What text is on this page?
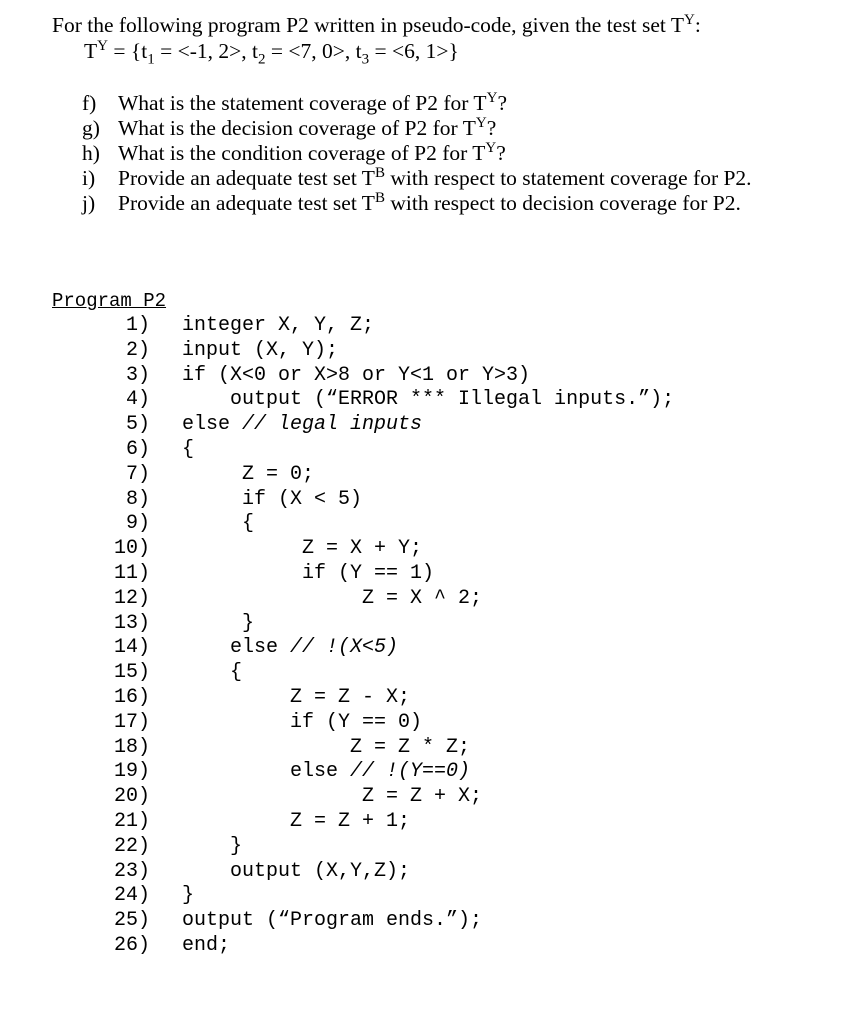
For the following program P2 written in pseudo-code, given the test set $T^Y$:
$T^Y = \{t_1 = <-1$, 2>, $t_2 = <7$, 0>, $t_3 = <6$, 1>}
f)	What is the statement coverage of P2 for $T^Y$?
g) What is the decision coverage of P2 for $T^Y$?
h) What is the condition coverage of P2 for $T^Y$?
i)	Provide an adequate test set $T^B$ with respect to statement coverage for P2.
j)	Provide an adequate test set $T^B$ with respect to decision coverage for P2.
Program P2
1) integer X, Y, Z;
2) input (X, Y);
3) if (X<0 or X>8 or Y<1 or Y>3)
4) output (“ERROR *** Illegal inputs.”);
5) else // legal inputs
6) {
7) Z = 0;
8) if (X < 5)
9) {
10) Z = X + Y;
11) if (Y == 1)
12) Z = X ^ 2;
13) }
14) else // !(X<5)
15) {
16) Z = Z - X;
17) if (Y == 0)
18) Z = Z * Z;
19) else // !(Y==0)
20) Z = Z + X;
21) Z = Z + 1;
22) }
23) output (X,Y,Z);
24) }
25) output (“Program ends.”);
26) end;
